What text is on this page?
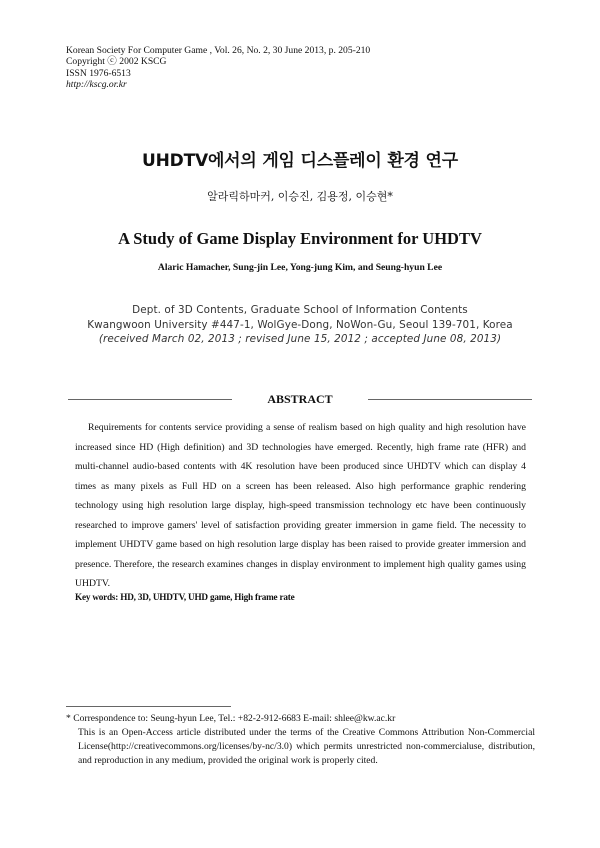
Korean Society For Computer Game , Vol. 26, No. 2, 30 June 2013, p. 205-210
Copyright ⓒ 2002 KSCG
ISSN 1976-6513
http://kscg.or.kr
UHDTV에서의 게임 디스플레이 환경 연구
알라릭하마커, 이승진, 김용정, 이승현*
A Study of Game Display Environment for UHDTV
Alaric Hamacher, Sung-jin Lee, Yong-jung Kim, and Seung-hyun Lee
Dept. of 3D Contents, Graduate School of Information Contents
Kwangwoon University #447-1, WolGye-Dong, NoWon-Gu, Seoul 139-701, Korea
(received March 02, 2013 ; revised June 15, 2012 ; accepted June 08, 2013)
ABSTRACT

Requirements for contents service providing a sense of realism based on high quality and high resolution have increased since HD (High definition) and 3D technologies have emerged. Recently, high frame rate (HFR) and multi-channel audio-based contents with 4K resolution have been produced since UHDTV which can display 4 times as many pixels as Full HD on a screen has been released. Also high performance graphic rendering technology using high resolution large display, high-speed transmission technology etc have been continuously researched to improve gamers' level of satisfaction providing greater immersion in game field. The necessity to implement UHDTV game based on high resolution large display has been raised to provide greater immersion and presence. Therefore, the research examines changes in display environment to implement high quality games using UHDTV.

Key words: HD, 3D, UHDTV, UHD game, High frame rate
* Correspondence to: Seung-hyun Lee, Tel.: +82-2-912-6683 E-mail: shlee@kw.ac.kr
This is an Open-Access article distributed under the terms of the Creative Commons Attribution Non-Commercial License(http://creativecommons.org/licenses/by-nc/3.0) which permits unrestricted non-commercialuse, distribution, and reproduction in any medium, provided the original work is properly cited.
